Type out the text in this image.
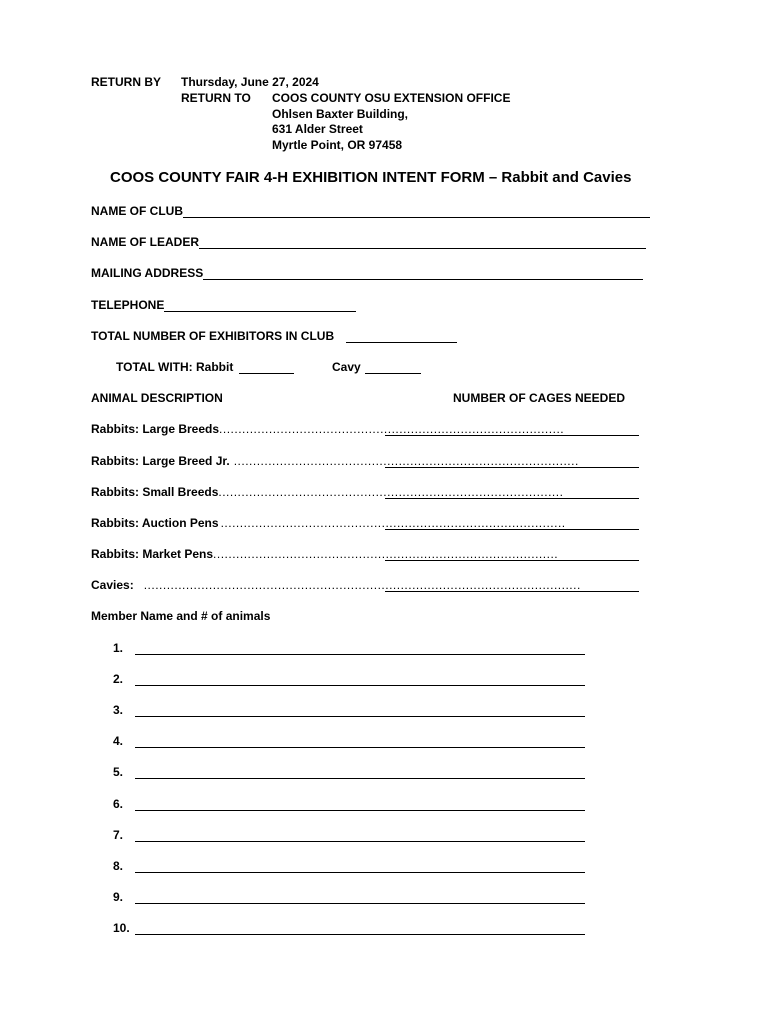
RETURN BY Thursday, June 27, 2024
RETURN TO COOS COUNTY OSU EXTENSION OFFICE
Ohlsen Baxter Building,
631 Alder Street
Myrtle Point, OR 97458
COOS COUNTY FAIR 4-H EXHIBITION INTENT FORM – Rabbit and Cavies
NAME OF CLUB
NAME OF LEADER
MAILING ADDRESS
TELEPHONE
TOTAL NUMBER OF EXHIBITORS IN CLUB
TOTAL WITH: Rabbit	Cavy
ANIMAL DESCRIPTION	NUMBER OF CAGES NEEDED
Rabbits: Large Breeds ..........................................................................................
Rabbits: Large Breed Jr. ..........................................................................................
Rabbits: Small Breeds ..........................................................................................
Rabbits: Auction Pens ..........................................................................................
Rabbits: Market Pens ..........................................................................................
Cavies: ..................................................................................................................
Member Name and # of animals
1.
2.
3.
4.
5.
6.
7.
8.
9.
10.
